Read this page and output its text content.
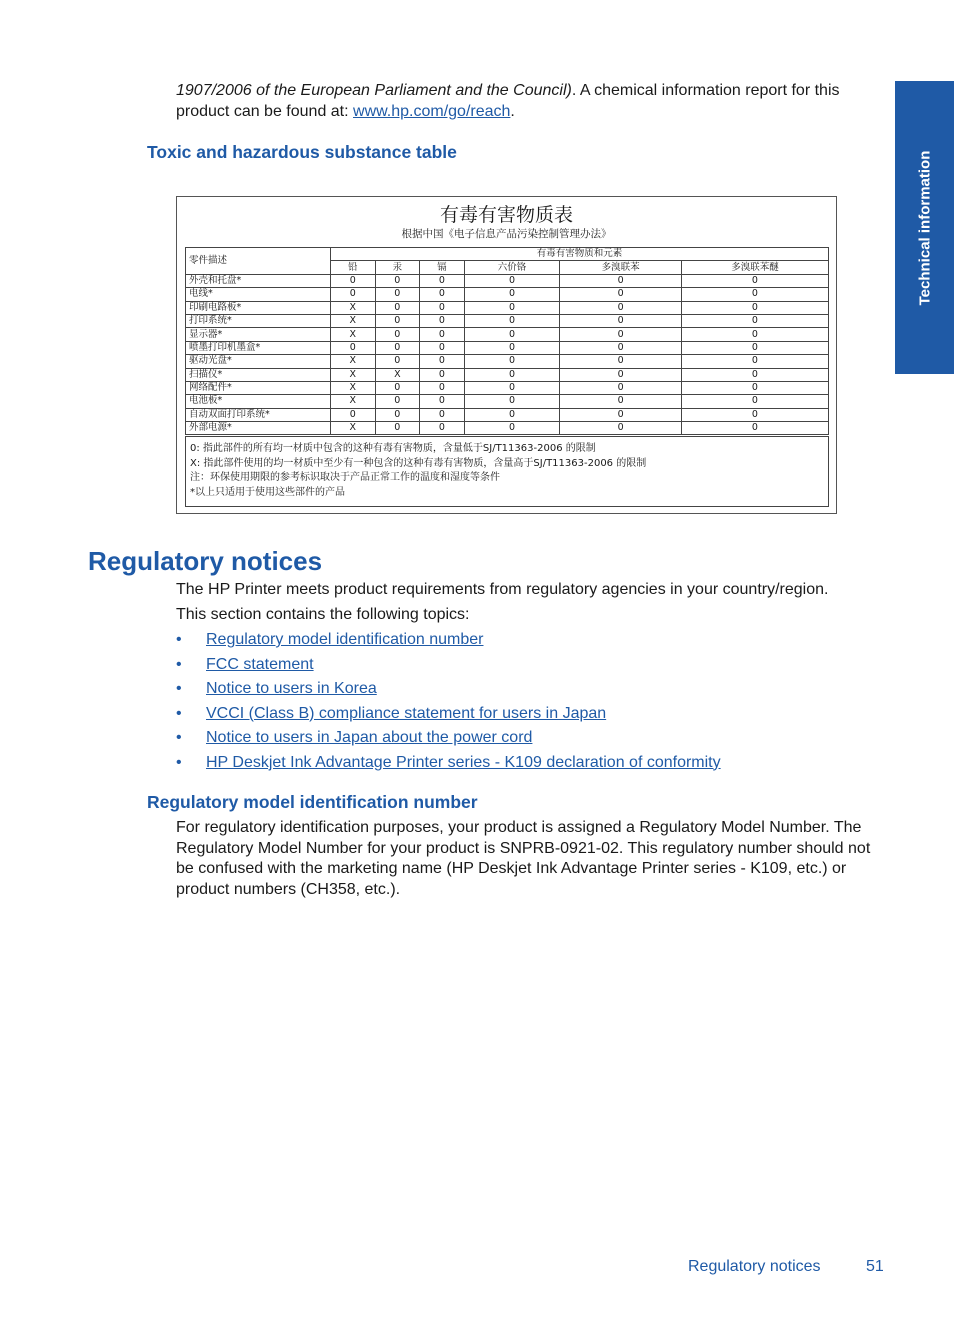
Technical information
1907/2006 of the European Parliament and the Council). A chemical information report for this product can be found at: www.hp.com/go/reach.
Toxic and hazardous substance table
有毒有害物质表
根据中国《电子信息产品污染控制管理办法》
零件描述	有毒有害物质和元素					
	铅	汞	镉	六价铬	多溴联苯	多溴联苯醚
外壳和托盘*	0	0	0	0	0	0
电线*	0	0	0	0	0	0
印刷电路板*	X	0	0	0	0	0
打印系统*	X	0	0	0	0	0
显示器*	X	0	0	0	0	0
喷墨打印机墨盒*	0	0	0	0	0	0
驱动光盘*	X	0	0	0	0	0
扫描仪*	X	X	0	0	0	0
网络配件*	X	0	0	0	0	0
电池板*	X	0	0	0	0	0
自动双面打印系统*	0	0	0	0	0	0
外部电源*	X	0	0	0	0	0
0: 指此部件的所有均一材质中包含的这种有毒有害物质，含量低于SJ/T11363-2006 的限制
X: 指此部件使用的均一材质中至少有一种包含的这种有毒有害物质，含量高于SJ/T11363-2006 的限制
注：环保使用期限的参考标识取决于产品正常工作的温度和湿度等条件
*以上只适用于使用这些部件的产品
Regulatory notices
The HP Printer meets product requirements from regulatory agencies in your country/region.
This section contains the following topics:
• Regulatory model identification number
• FCC statement
• Notice to users in Korea
• VCCI (Class B) compliance statement for users in Japan
• Notice to users in Japan about the power cord
• HP Deskjet Ink Advantage Printer series - K109 declaration of conformity
Regulatory model identification number
For regulatory identification purposes, your product is assigned a Regulatory Model Number. The Regulatory Model Number for your product is SNPRB-0921-02. This regulatory number should not be confused with the marketing name (HP Deskjet Ink Advantage Printer series - K109, etc.) or product numbers (CH358, etc.).
Regulatory notices	51
